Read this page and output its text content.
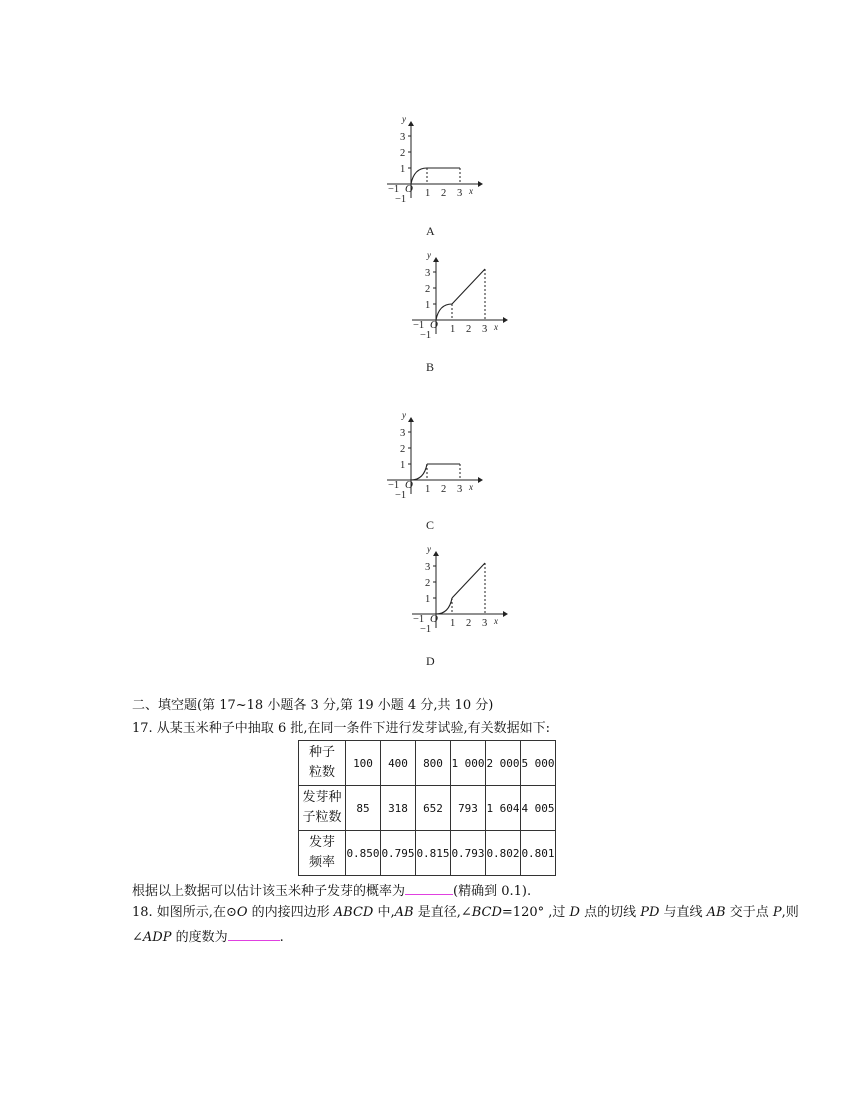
y
3
2
1
−1
−1 O 1 2 3 x
A
y
3
2
1
−1
−1 O 1 2 3 x
B
y
3
2
1
−1
−1 O 1 2 3 x
C
y
3
2
1
−1
−1 O 1 2 3 x
D
二、填空题(第 17~18 小题各 3 分,第 19 小题 4 分,共 10 分)
17. 从某玉米种子中抽取 6 批,在同一条件下进行发芽试验,有关数据如下:
种子
粒数	100	400	800	1 000	2 000	5 000
发芽种
子粒数	85	318	652	793	1 604	4 005
发芽
频率	0.850	0.795	0.815	0.793	0.802	0.801
根据以上数据可以估计该玉米种子发芽的概率为	(精确到 0.1).
18. 如图所示,在⊙O 的内接四边形 ABCD 中,AB 是直径,∠BCD=120° ,过 D 点的切线 PD 与直线 AB 交于点 P,则
∠ADP 的度数为	.
